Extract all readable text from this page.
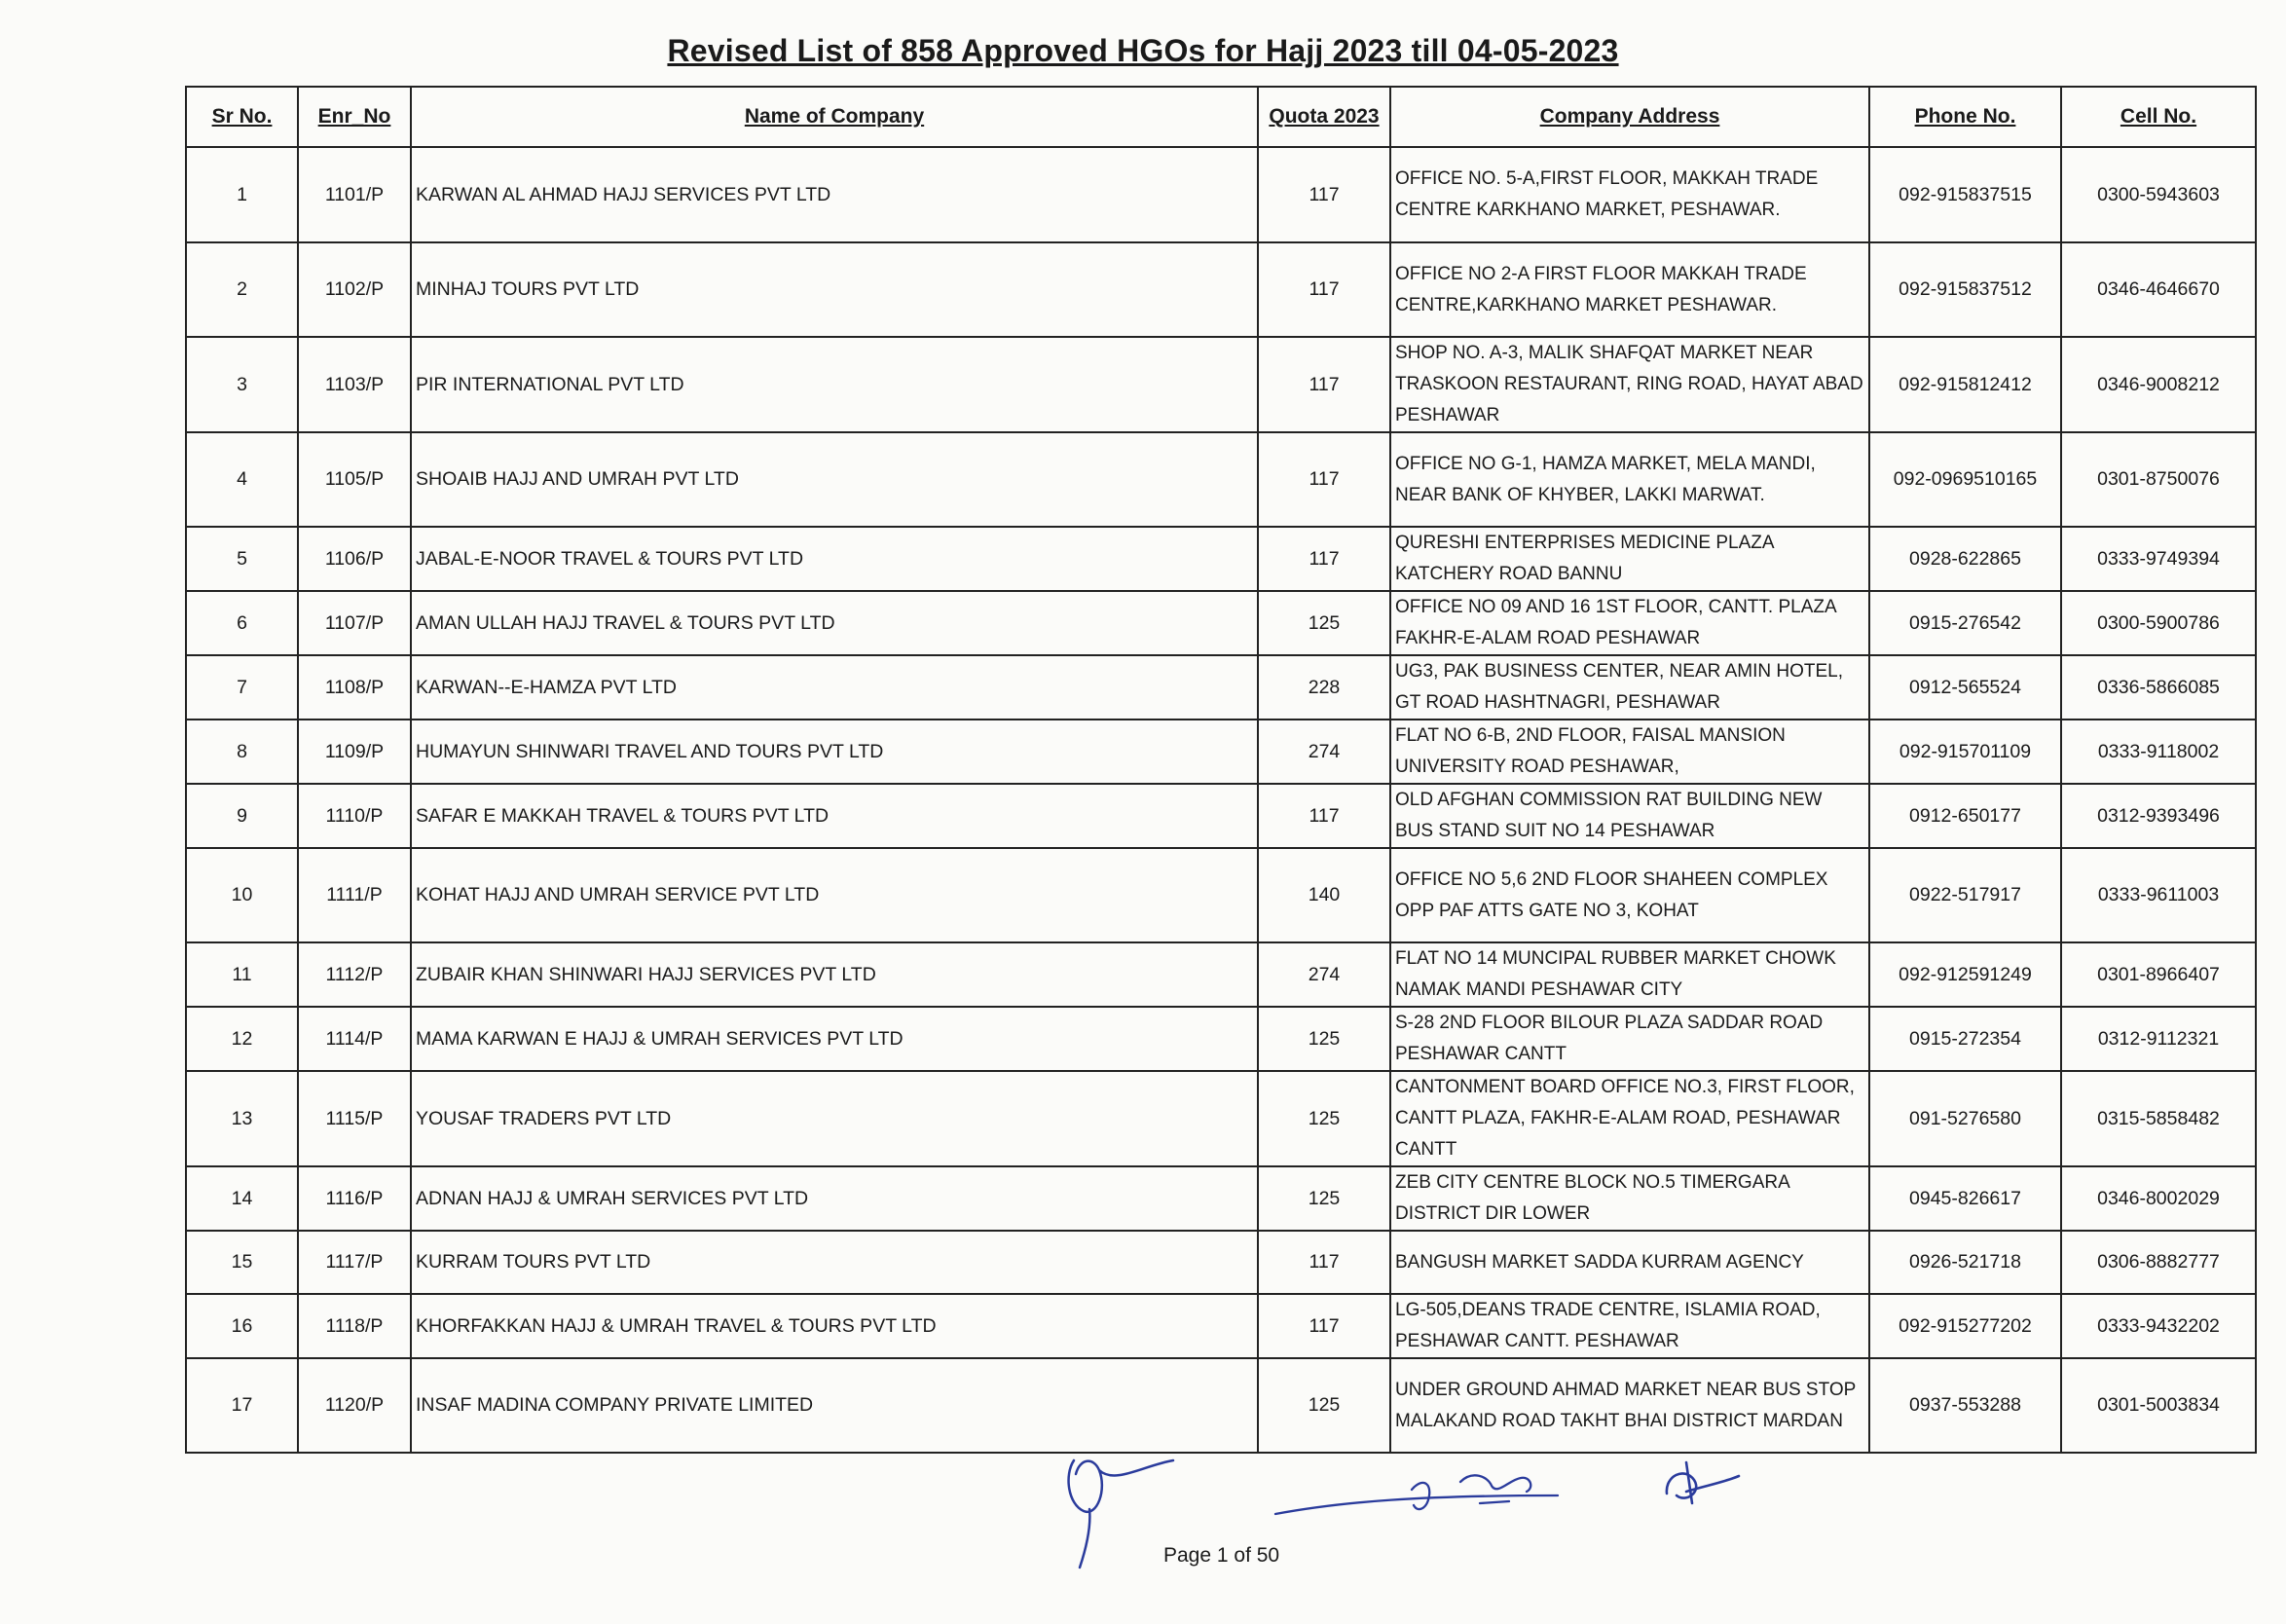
Revised List of 858 Approved HGOs for Hajj 2023 till 04-05-2023
Sr No.	Enr_No	Name of Company	Quota 2023	Company Address	Phone No.	Cell No.
1	1101/P	KARWAN AL AHMAD HAJJ SERVICES PVT LTD	117	OFFICE NO. 5-A,FIRST FLOOR, MAKKAH TRADE CENTRE KARKHANO MARKET, PESHAWAR.	092-915837515	0300-5943603
2	1102/P	MINHAJ TOURS PVT LTD	117	OFFICE NO 2-A FIRST FLOOR MAKKAH TRADE CENTRE,KARKHANO MARKET PESHAWAR.	092-915837512	0346-4646670
3	1103/P	PIR INTERNATIONAL PVT LTD	117	SHOP NO. A-3, MALIK SHAFQAT MARKET NEAR TRASKOON RESTAURANT, RING ROAD, HAYAT ABAD PESHAWAR	092-915812412	0346-9008212
4	1105/P	SHOAIB HAJJ AND UMRAH PVT LTD	117	OFFICE NO G-1, HAMZA MARKET, MELA MANDI, NEAR BANK OF KHYBER, LAKKI MARWAT.	092-0969510165	0301-8750076
5	1106/P	JABAL-E-NOOR TRAVEL & TOURS PVT LTD	117	QURESHI ENTERPRISES MEDICINE PLAZA KATCHERY ROAD BANNU	0928-622865	0333-9749394
6	1107/P	AMAN ULLAH HAJJ TRAVEL & TOURS PVT LTD	125	OFFICE NO 09 AND 16 1ST FLOOR, CANTT. PLAZA FAKHR-E-ALAM ROAD PESHAWAR	0915-276542	0300-5900786
7	1108/P	KARWAN--E-HAMZA PVT LTD	228	UG3, PAK BUSINESS CENTER, NEAR AMIN HOTEL, GT ROAD HASHTNAGRI, PESHAWAR	0912-565524	0336-5866085
8	1109/P	HUMAYUN SHINWARI TRAVEL AND TOURS PVT LTD	274	FLAT NO 6-B, 2ND FLOOR, FAISAL MANSION UNIVERSITY ROAD PESHAWAR,	092-915701109	0333-9118002
9	1110/P	SAFAR E MAKKAH TRAVEL & TOURS PVT LTD	117	OLD AFGHAN COMMISSION RAT BUILDING NEW BUS STAND SUIT NO 14 PESHAWAR	0912-650177	0312-9393496
10	1111/P	KOHAT HAJJ AND UMRAH SERVICE PVT LTD	140	OFFICE NO 5,6 2ND FLOOR SHAHEEN COMPLEX OPP PAF ATTS GATE NO 3, KOHAT	0922-517917	0333-9611003
11	1112/P	ZUBAIR KHAN SHINWARI HAJJ SERVICES PVT LTD	274	FLAT NO 14 MUNCIPAL RUBBER MARKET CHOWK NAMAK MANDI PESHAWAR CITY	092-912591249	0301-8966407
12	1114/P	MAMA KARWAN E HAJJ & UMRAH SERVICES PVT LTD	125	S-28 2ND FLOOR BILOUR PLAZA SADDAR ROAD PESHAWAR CANTT	0915-272354	0312-9112321
13	1115/P	YOUSAF TRADERS PVT LTD	125	CANTONMENT BOARD OFFICE NO.3, FIRST FLOOR, CANTT PLAZA, FAKHR-E-ALAM ROAD, PESHAWAR CANTT	091-5276580	0315-5858482
14	1116/P	ADNAN HAJJ & UMRAH SERVICES PVT LTD	125	ZEB CITY CENTRE BLOCK NO.5 TIMERGARA DISTRICT DIR LOWER	0945-826617	0346-8002029
15	1117/P	KURRAM TOURS PVT LTD	117	BANGUSH MARKET SADDA KURRAM AGENCY	0926-521718	0306-8882777
16	1118/P	KHORFAKKAN HAJJ & UMRAH TRAVEL & TOURS PVT LTD	117	LG-505,DEANS TRADE CENTRE, ISLAMIA ROAD, PESHAWAR CANTT. PESHAWAR	092-915277202	0333-9432202
17	1120/P	INSAF MADINA COMPANY PRIVATE LIMITED	125	UNDER GROUND AHMAD MARKET NEAR BUS STOP MALAKAND ROAD TAKHT BHAI DISTRICT MARDAN	0937-553288	0301-5003834
Page 1 of 50
